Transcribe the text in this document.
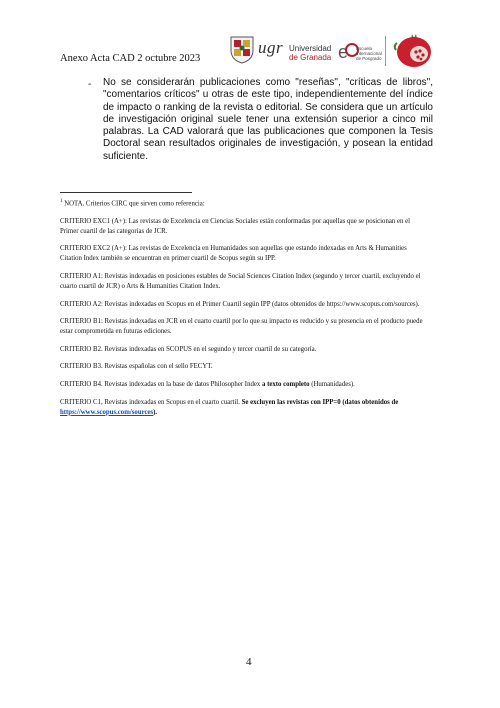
Anexo Acta CAD 2 octubre 2023
ugr Universidad
de Granada e Escuela
Internacional
de Posgrado
- No se considerarán publicaciones como "reseñas", "críticas de libros", "comentarios críticos" u otras de este tipo, independientemente del índice de impacto o ranking de la revista o editorial. Se considera que un artículo de investigación original suele tener una extensión superior a cinco mil palabras. La CAD valorará que las publicaciones que componen la Tesis Doctoral sean resultados originales de investigación, y posean la entidad suficiente.
$^1$ NOTA. Criterios CIRC que sirven como referencia:
CRITERIO EXC1 (A+): Las revistas de Excelencia en Ciencias Sociales están conformadas por aquellas que se posicionan en el Primer cuartil de las categorías de JCR.
CRITERIO EXC2 (A+): Las revistas de Excelencia en Humanidades son aquellas que estando indexadas en Arts & Humanities Citation Index también se encuentran en primer cuartil de Scopus según su IPP.
CRITERIO A1: Revistas indexadas en posiciones estables de Social Sciences Citation Index (segundo y tercer cuartil, excluyendo el cuarto cuartil de JCR) o Arts & Humanities Citation Index.
CRITERIO A2: Revistas indexadas en Scopus en el Primer Cuartil según IPP (datos obtenidos de https://www.scopus.com/sources).
CRITERIO B1: Revistas indexadas en JCR en el cuarto cuartil por lo que su impacto es reducido y su presencia en el producto puede estar comprometida en futuras ediciones.
CRITERIO B2. Revistas indexadas en SCOPUS en el segundo y tercer cuartil de su categoría.
CRITERIO B3. Revistas españolas con el sello FECYT.
CRITERIO B4. Revistas indexadas en la base de datos Philosopher Index a texto completo (Humanidades).
CRITERIO C1, Revistas indexadas en Scopus en el cuarto cuartil. Se excluyen las revistas con IPP=0 (datos obtenidos de https://www.scopus.com/sources).
4
